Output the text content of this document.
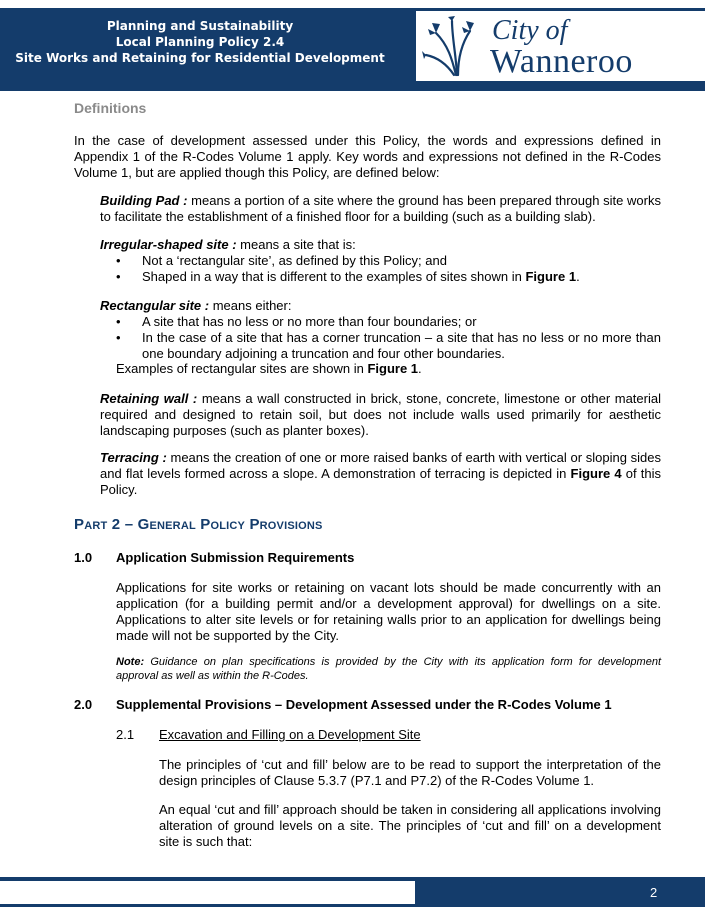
Planning and Sustainability
Local Planning Policy 2.4
Site Works and Retaining for Residential Development
City of
Wanneroo
Definitions
In the case of development assessed under this Policy, the words and expressions defined in
Appendix 1 of the R-Codes Volume 1 apply. Key words and expressions not defined in the R-Codes
Volume 1, but are applied though this Policy, are defined below:
Building Pad : means a portion of a site where the ground has been prepared through site works
to facilitate the establishment of a finished floor for a building (such as a building slab).
Irregular-shaped site : means a site that is:
• Not a ‘rectangular site’, as defined by this Policy; and
• Shaped in a way that is different to the examples of sites shown in Figure 1.
Rectangular site : means either:
• A site that has no less or no more than four boundaries; or
• In the case of a site that has a corner truncation – a site that has no less or no more than
one boundary adjoining a truncation and four other boundaries.
Examples of rectangular sites are shown in Figure 1.
Retaining wall : means a wall constructed in brick, stone, concrete, limestone or other material
required and designed to retain soil, but does not include walls used primarily for aesthetic
landscaping purposes (such as planter boxes).
Terracing : means the creation of one or more raised banks of earth with vertical or sloping sides
and flat levels formed across a slope. A demonstration of terracing is depicted in Figure 4 of this
Policy.
Part 2 – General Policy Provisions
1.0 Application Submission Requirements
Applications for site works or retaining on vacant lots should be made concurrently with an
application (for a building permit and/or a development approval) for dwellings on a site.
Applications to alter site levels or for retaining walls prior to an application for dwellings being
made will not be supported by the City.
Note: Guidance on plan specifications is provided by the City with its application form for development
approval as well as within the R-Codes.
2.0 Supplemental Provisions – Development Assessed under the R-Codes Volume 1
2.1 Excavation and Filling on a Development Site
The principles of ‘cut and fill’ below are to be read to support the interpretation of the
design principles of Clause 5.3.7 (P7.1 and P7.2) of the R-Codes Volume 1.
An equal ‘cut and fill’ approach should be taken in considering all applications involving
alteration of ground levels on a site. The principles of ‘cut and fill’ on a development
site is such that:
2
